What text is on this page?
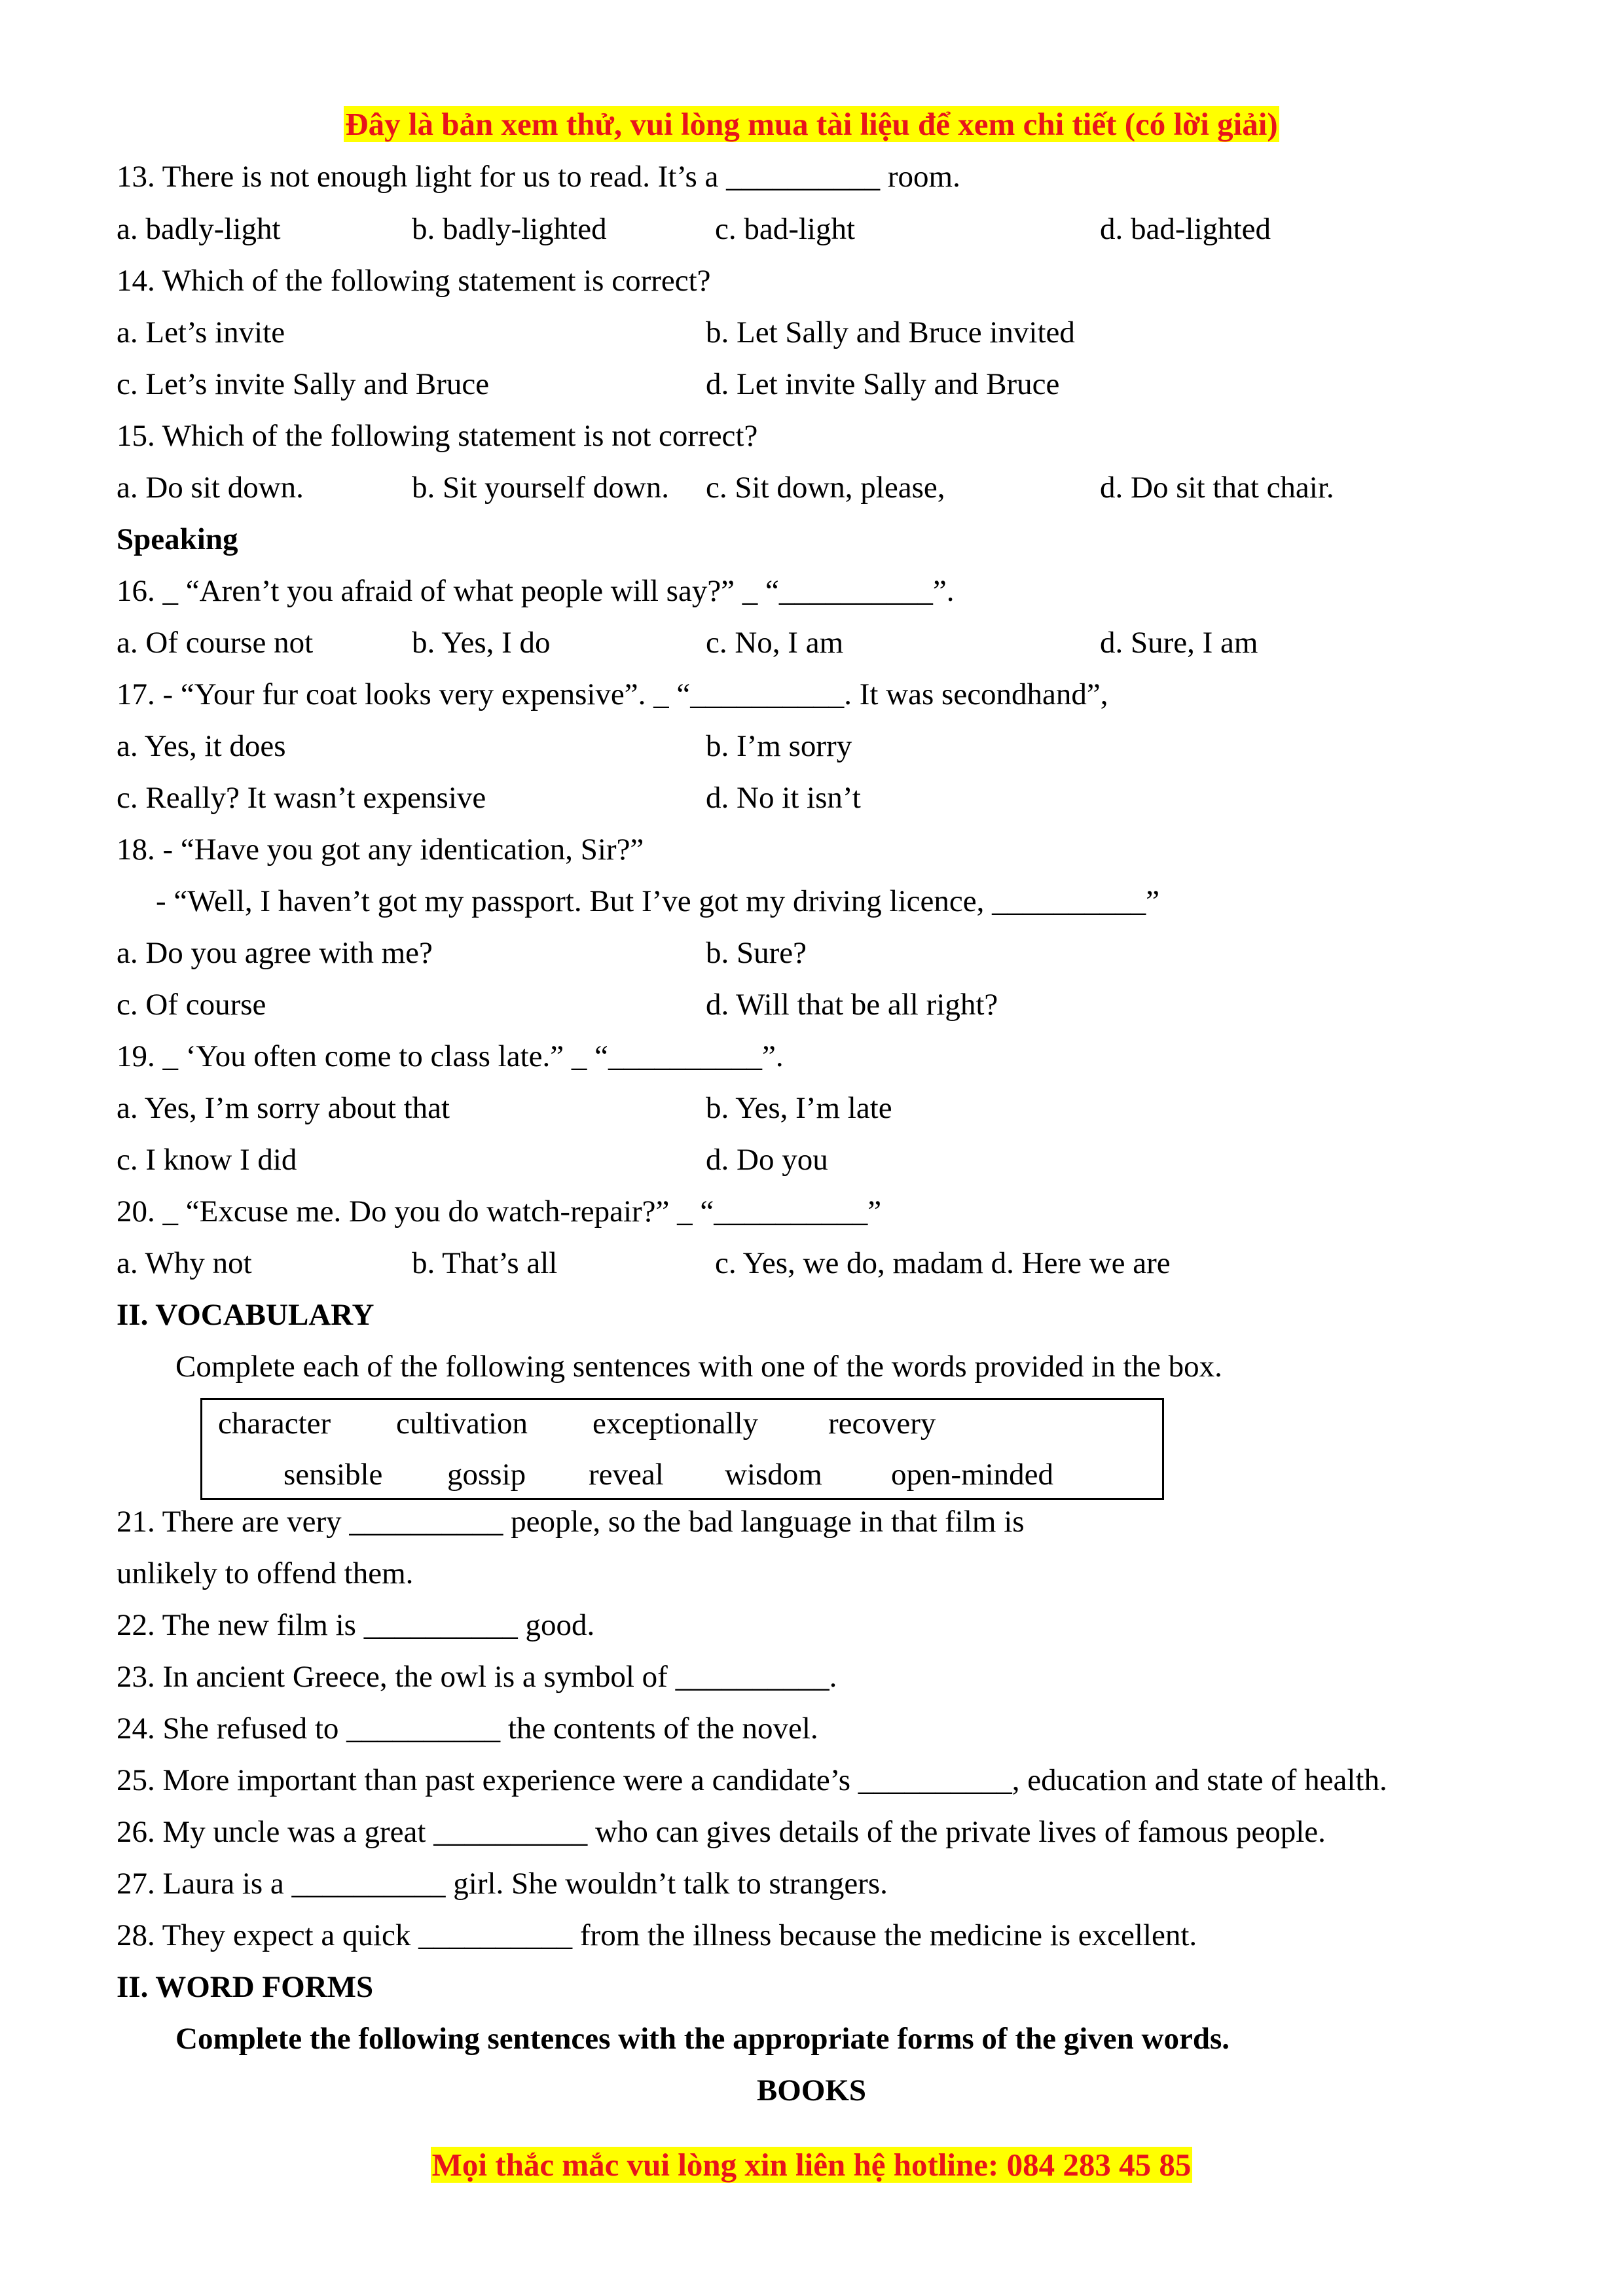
Đây là bản xem thử, vui lòng mua tài liệu để xem chi tiết (có lời giải)
13. There is not enough light for us to read. It’s a __________ room.
a. badly-light	b. badly-lighted	c. bad-light	d. bad-lighted
14. Which of the following statement is correct?
a. Let’s invite	b. Let Sally and Bruce invited
c. Let’s invite Sally and Bruce	d. Let invite Sally and Bruce
15. Which of the following statement is not correct?
a. Do sit down.	b. Sit yourself down. c. Sit down, please,	d. Do sit that chair.
Speaking
16. _ “Aren’t you afraid of what people will say?” _ “__________”.
a. Of course not	b. Yes, I do	c. No, I am	d. Sure, I am
17. - “Your fur coat looks very expensive”. _ “__________. It was secondhand”,
a. Yes, it does	b. I’m sorry
c. Really? It wasn’t expensive	d. No it isn’t
18. - “Have you got any identication, Sir?”
- “Well, I haven’t got my passport. But I’ve got my driving licence, __________”
a. Do you agree with me?	b. Sure?
c. Of course	d. Will that be all right?
19. _ ‘You often come to class late.” _ “__________”.
a. Yes, I’m sorry about that	b. Yes, I’m late
c. I know I did	d. Do you
20. _ “Excuse me. Do you do watch-repair?” _ “__________”
a. Why not	b. That’s all	c. Yes, we do, madam d. Here we are
II. VOCABULARY
Complete each of the following sentences with one of the words provided in the box.
character cultivation exceptionally recovery
sensible gossip reveal wisdom open-minded
21. There are very __________ people, so the bad language in that film is
unlikely to offend them.
22. The new film is __________ good.
23. In ancient Greece, the owl is a symbol of __________.
24. She refused to __________ the contents of the novel.
25. More important than past experience were a candidate’s __________, education and state of health.
26. My uncle was a great __________ who can gives details of the private lives of famous people.
27. Laura is a __________ girl. She wouldn’t talk to strangers.
28. They expect a quick __________ from the illness because the medicine is excellent.
II. WORD FORMS
Complete the following sentences with the appropriate forms of the given words.
BOOKS
Mọi thắc mắc vui lòng xin liên hệ hotline: 084 283 45 85
